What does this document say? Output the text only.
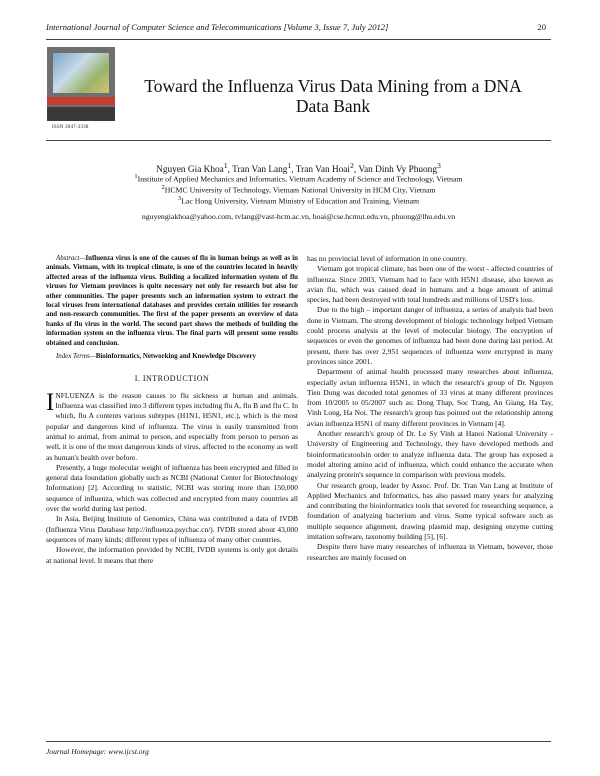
International Journal of Computer Science and Telecommunications [Volume 3, Issue 7, July 2012]	20
ISSN 2047-3338
Toward the Influenza Virus Data Mining from a DNA Data Bank
Nguyen Gia Khoa$^1$, Tran Van Lang$^1$, Tran Van Hoai$^2$, Van Dinh Vy Phuong$^3$
$^1$Institute of Applied Mechanics and Informatics, Vietnam Academy of Science and Technology, Vietnam
$^2$HCMC University of Technology, Vietnam National University in HCM City, Vietnam
$^3$Lac Hong University, Vietnam Ministry of Education and Training, Vietnam
nguyengiakhoa@yahoo.com, tvlang@vast-hcm.ac.vn, hoai@cse.hcmut.edu.vn, phuong@lhu.edu.vn

Abstract—Influenza virus is one of the causes of flu in human beings as well as in animals. Vietnam, with its tropical climate, is one of the countries located in heavily affected areas of the influenza virus. Building a localized information system of flu viruses for Vietnam provinces is quite necessary not only for research but also for other communities. The paper presents such an information system to extract the local viruses from international databases and provides certain utilities for research and non-research communities. The first of the paper presents an overview of data banks of flu virus in the world. The second part shows the methods of building the information system on the influenza virus. The final parts will present some results obtained and conclusion.

Index Terms—Bioinformatics, Networking and Knowledge Discovery

I. INTRODUCTION

INFLUENZA is the reason causes to flu sickness at human and animals. Influenza was classified into 3 different types including flu A, flu B and flu C. In which, flu A contents various subtypes (H1N1, H5N1, etc.), which is the most popular and dangerous kind of influenza. The virus is easily transmitted from animal to animal, from animal to person, and especially from person to person as well, it is one of the most dangerous kinds of virus, affected to the economy as well as human's health over before.

Presently, a huge molecular weight of influenza has been encrypted and filled in general data foundation globally such as NCBI (National Center for Biotechnology Information) [2]. According to statistic, NCBI was storing more than 150,000 sequence of influenza, which was collected and encrypted from many countries all over the world during last period.

In Asia, Beijing Institute of Genomics, China was contributed a data of IVDB (Influenza Virus Database http://influenza.psychac.cn/). IVDB stored about 43,000 sequences of many kinds; different types of influenza of many other countries.

However, the information provided by NCBI, IVDB systems is only got details at national level. It means that there

has no provincial level of information in one country.

Vietnam got tropical climate, has been one of the worst - affected countries of influenza. Since 2003, Vietnam had to face with H5N1 disease, also known as avian flu, which was caused dead in humans and a huge amount of animal species, had been destroyed with total hundreds and millions of USD's loss.

Due to the high – important danger of influenza, a series of analysis had been done in Vietnam. The strong development of biologic technology helped Vietnam could process analysis at the level of molecular biology. The encryption of sequences or even the genomes of influenza had been done during last period. At present, there has over 2,951 sequences of influenza were encrypted in many provinces since 2001.

Department of animal health processed many researches about influenza, especially avian influenza H5N1, in which the research's group of Dr. Nguyen Tien Dung was decoded total genomes of 33 virus at many different provinces from 10/2005 to 05/2007 such as: Dong Thap, Soc Trang, An Giang, Ha Tay, Vinh Long, Ha Noi. The research's group has pointed out the relationship among avian influenza H5N1 of many different provinces in Vietnam [4].

Another research's group of Dr. Le Sy Vinh at Hanoi National University - University of Engineering and Technology, they have developed methods and bioinformaticstoolsin order to analyze influenza data. The group has exposed a model altering amino acid of influenza, which could enhance the accurate when analyzing protein's sequence in comparison with previous models.

Our research group, leader by Assoc. Prof. Dr. Tran Van Lang at Institute of Applied Mechanics and Informatics, has also passed many years for analyzing and contributing the bioinformatics tools that severed for researching sequence, a foundation of analyzing bacterium and virus. Some typical software such as multiple sequence alignment, drawing plasmid map, designing enzyme cutting imitation software, taxonomy building [5], [6].

Despite there have many researches of influenza in Vietnam, however, those researches are mainly focused on

Journal Homepage: www.ijcst.org
